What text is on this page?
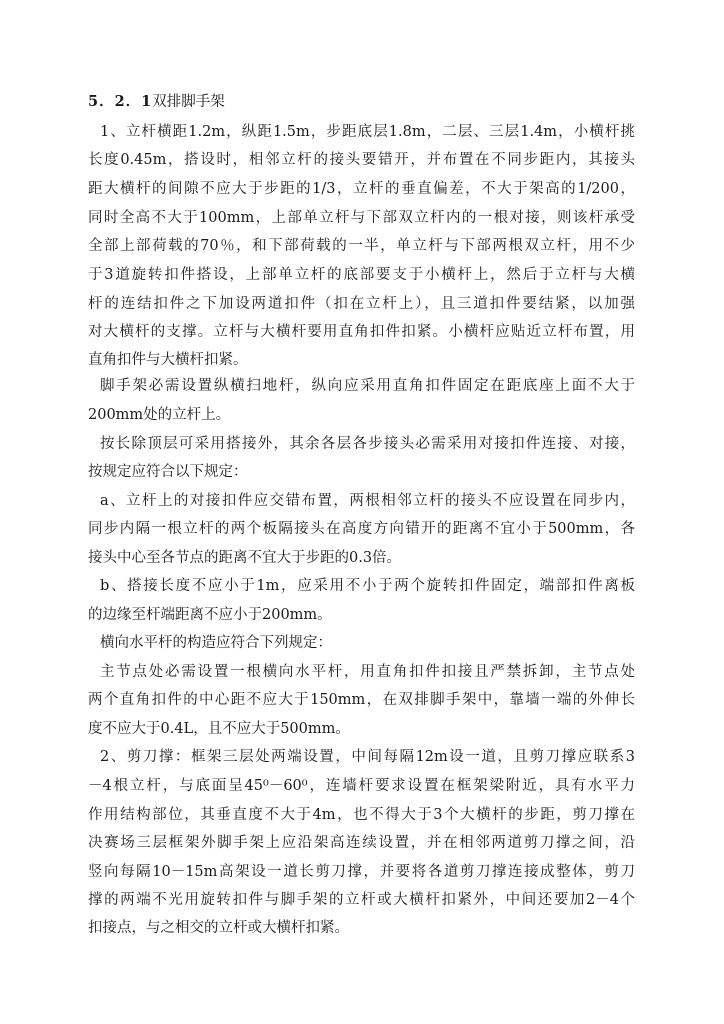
5．2．1双排脚手架
1、立杆横距1.2m，纵距1.5m，步距底层1.8m，二层、三层1.4m，小横杆挑
长度0.45m，搭设时，相邻立杆的接头要错开，并布置在不同步距内，其接头
距大横杆的间隙不应大于步距的1/3，立杆的垂直偏差，不大于架高的1/200，
同时全高不大于100mm，上部单立杆与下部双立杆内的一根对接，则该杆承受
全部上部荷载的70％，和下部荷载的一半，单立杆与下部两根双立杆，用不少
于3道旋转扣件搭设，上部单立杆的底部要支于小横杆上，然后于立杆与大横
杆的连结扣件之下加设两道扣件（扣在立杆上），且三道扣件要结紧，以加强
对大横杆的支撑。立杆与大横杆要用直角扣件扣紧。小横杆应贴近立杆布置，用
直角扣件与大横杆扣紧。
脚手架必需设置纵横扫地杆，纵向应采用直角扣件固定在距底座上面不大于
200mm处的立杆上。
按长除顶层可采用搭接外，其余各层各步接头必需采用对接扣件连接、对接，
按规定应符合以下规定：
a、立杆上的对接扣件应交错布置，两根相邻立杆的接头不应设置在同步内，
同步内隔一根立杆的两个板隔接头在高度方向错开的距离不宜小于500mm，各
接头中心至各节点的距离不宜大于步距的0.3倍。
b、搭接长度不应小于1m，应采用不小于两个旋转扣件固定，端部扣件离板
的边缘至杆端距离不应小于200mm。
横向水平杆的构造应符合下列规定：
主节点处必需设置一根横向水平杆，用直角扣件扣接且严禁拆卸，主节点处
两个直角扣件的中心距不应大于150mm，在双排脚手架中，靠墙一端的外伸长
度不应大于0.4L，且不应大于500mm。
2、剪刀撑：框架三层处两端设置，中间每隔12m设一道，且剪刀撑应联系3
－4根立杆，与底面呈45⁰－60⁰，连墙杆要求设置在框架梁附近，具有水平力
作用结构部位，其垂直度不大于4m，也不得大于3个大横杆的步距，剪刀撑在
决赛场三层框架外脚手架上应沿架高连续设置，并在相邻两道剪刀撑之间，沿
竖向每隔10－15m高架设一道长剪刀撑，并要将各道剪刀撑连接成整体，剪刀
撑的两端不光用旋转扣件与脚手架的立杆或大横杆扣紧外，中间还要加2－4个
扣接点，与之相交的立杆或大横杆扣紧。
